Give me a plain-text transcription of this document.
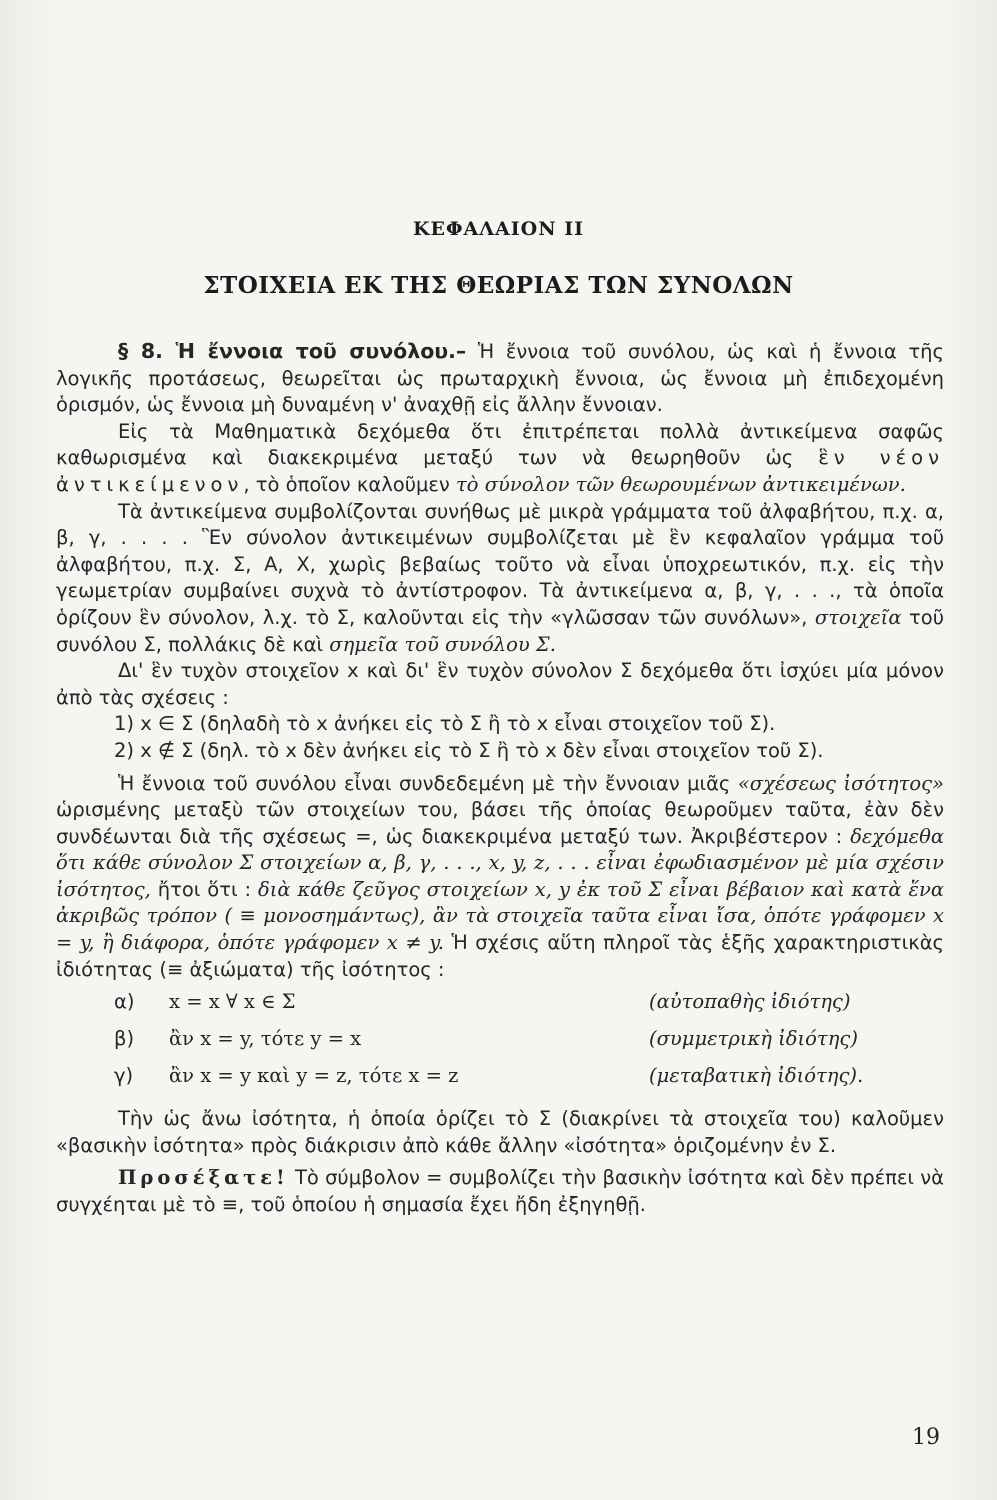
ΚΕΦΑΛΑΙΟΝ II
ΣΤΟΙΧΕΙΑ ΕΚ ΤΗΣ ΘΕΩΡΙΑΣ ΤΩΝ ΣΥΝΟΛΩΝ

§ 8. Ἡ ἔννοια τοῦ συνόλου.– Ἡ ἔννοια τοῦ συνόλου, ὡς καὶ ἡ ἔννοια τῆς λογικῆς προτάσεως, θεωρεῖται ὡς πρωταρχικὴ ἔννοια, ὡς ἔννοια μὴ ἐπιδεχομένη ὁρισμόν, ὡς ἔννοια μὴ δυναμένη ν' ἀναχθῇ εἰς ἄλλην ἔννοιαν.

Εἰς τὰ Μαθηματικὰ δεχόμεθα ὅτι ἐπιτρέπεται πολλὰ ἀντικείμενα σαφῶς καθωρισμένα καὶ διακεκριμένα μεταξύ των νὰ θεωρηθοῦν ὡς ἓν νέον ἀντικείμενον, τὸ ὁποῖον καλοῦμεν τὸ σύνολον τῶν θεωρουμένων ἀντικειμένων.

Τὰ ἀντικείμενα συμβολίζονται συνήθως μὲ μικρὰ γράμματα τοῦ ἀλφαβήτου, π.χ. α, β, γ, . . . . Ἓν σύνολον ἀντικειμένων συμβολίζεται μὲ ἓν κεφαλαῖον γράμμα τοῦ ἀλφαβήτου, π.χ. Σ, Α, Χ, χωρὶς βεβαίως τοῦτο νὰ εἶναι ὑποχρεωτικόν, π.χ. εἰς τὴν γεωμετρίαν συμβαίνει συχνὰ τὸ ἀντίστροφον. Τὰ ἀντικείμενα α, β, γ, . . ., τὰ ὁποῖα ὁρίζουν ἓν σύνολον, λ.χ. τὸ Σ, καλοῦνται εἰς τὴν «γλῶσσαν τῶν συνόλων», στοιχεῖα τοῦ συνόλου Σ, πολλάκις δὲ καὶ σημεῖα τοῦ συνόλου Σ.

Δι' ἓν τυχὸν στοιχεῖον x καὶ δι' ἓν τυχὸν σύνολον Σ δεχόμεθα ὅτι ἰσχύει μία μόνον ἀπὸ τὰς σχέσεις :

1) x ∈ Σ (δηλαδὴ τὸ x ἀνήκει εἰς τὸ Σ ἢ τὸ x εἶναι στοιχεῖον τοῦ Σ).

2) x ∉ Σ (δηλ. τὸ x δὲν ἀνήκει εἰς τὸ Σ ἢ τὸ x δὲν εἶναι στοιχεῖον τοῦ Σ).

Ἡ ἔννοια τοῦ συνόλου εἶναι συνδεδεμένη μὲ τὴν ἔννοιαν μιᾶς «σχέσεως ἰσότητος» ὡρισμένης μεταξὺ τῶν στοιχείων του, βάσει τῆς ὁποίας θεωροῦμεν ταῦτα, ἐὰν δὲν συνδέωνται διὰ τῆς σχέσεως =, ὡς διακεκριμένα μεταξύ των. Ἀκριβέστερον : δεχόμεθα ὅτι κάθε σύνολον Σ στοιχείων α, β, γ, . . ., x, y, z, . . . εἶναι ἐφωδιασμένον μὲ μία σχέσιν ἰσότητος, ἤτοι ὅτι : διὰ κάθε ζεῦγος στοιχείων x, y ἐκ τοῦ Σ εἶναι βέβαιον καὶ κατὰ ἕνα ἀκριβῶς τρόπον ( ≡ μονοσημάντως), ἂν τὰ στοιχεῖα ταῦτα εἶναι ἴσα, ὁπότε γράφομεν x = y, ἢ διάφορα, ὁπότε γράφομεν x ≠ y. Ἡ σχέσις αὕτη πληροῖ τὰς ἑξῆς χαρακτηριστικὰς ἰδιότητας (≡ ἀξιώματα) τῆς ἰσότητος :

α)	x = x ∀ x ∈ Σ	(αὐτοπαθὴς ἰδιότης)
β)	ἂν x = y, τότε y = x	(συμμετρικὴ ἰδιότης)
γ)	ἂν x = y καὶ y = z, τότε x = z	(μεταβατικὴ ἰδιότης).

Τὴν ὡς ἄνω ἰσότητα, ἡ ὁποία ὁρίζει τὸ Σ (διακρίνει τὰ στοιχεῖα του) καλοῦμεν «βασικὴν ἰσότητα» πρὸς διάκρισιν ἀπὸ κάθε ἄλλην «ἰσότητα» ὁριζομένην ἐν Σ.

Προσέξατε! Τὸ σύμβολον = συμβολίζει τὴν βασικὴν ἰσότητα καὶ δὲν πρέπει νὰ συγχέηται μὲ τὸ ≡, τοῦ ὁποίου ἡ σημασία ἔχει ἤδη ἐξηγηθῇ.

19
